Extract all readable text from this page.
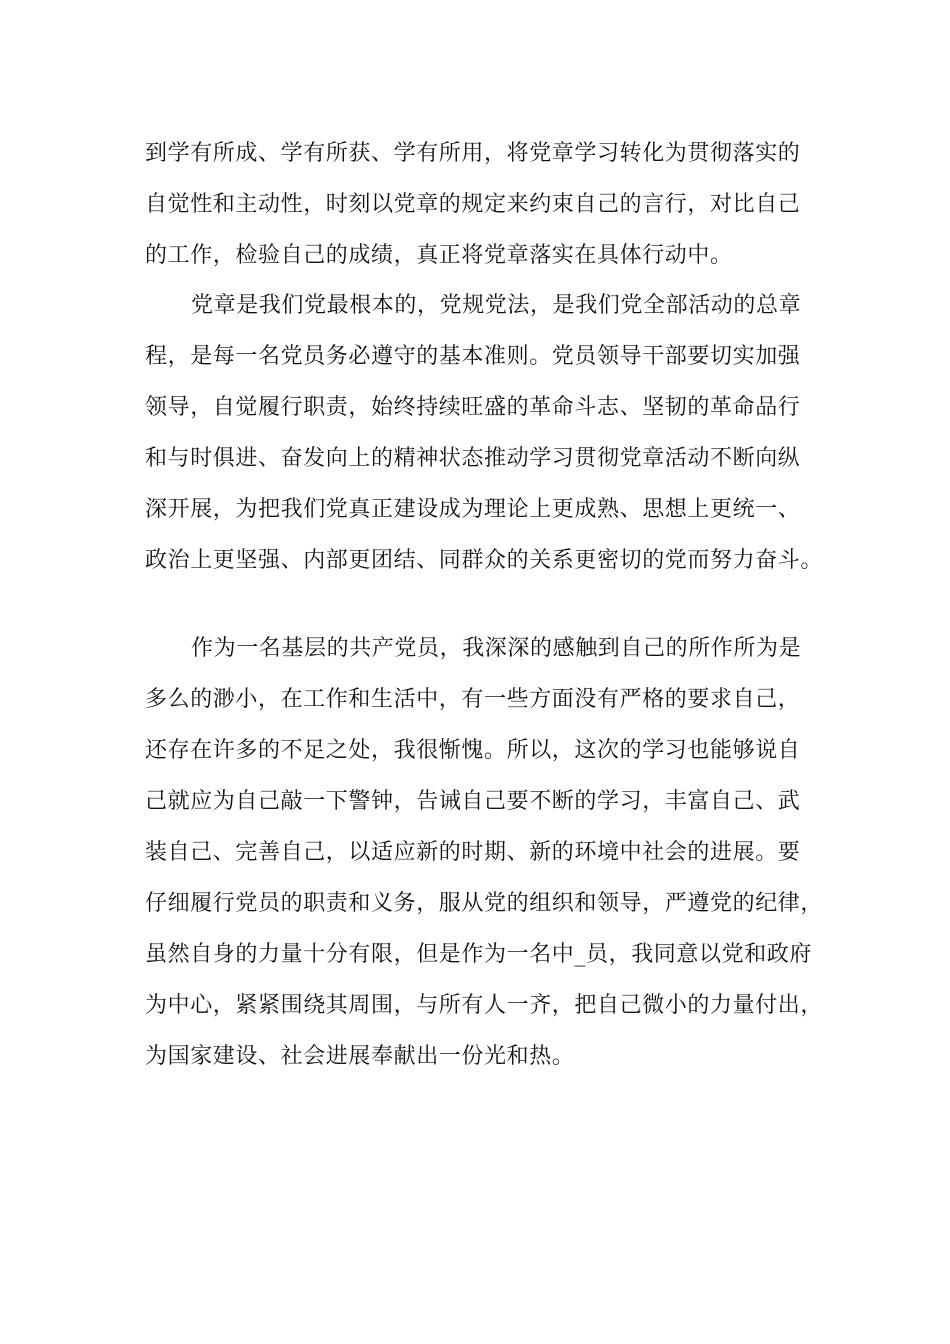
到学有所成、学有所获、学有所用，将党章学习转化为贯彻落实的
自觉性和主动性，时刻以党章的规定来约束自己的言行，对比自己
的工作，检验自己的成绩，真正将党章落实在具体行动中。
党章是我们党最根本的，党规党法，是我们党全部活动的总章
程，是每一名党员务必遵守的基本准则。党员领导干部要切实加强
领导，自觉履行职责，始终持续旺盛的革命斗志、坚韧的革命品行
和与时俱进、奋发向上的精神状态推动学习贯彻党章活动不断向纵
深开展，为把我们党真正建设成为理论上更成熟、思想上更统一、
政治上更坚强、内部更团结、同群众的关系更密切的党而努力奋斗。
作为一名基层的共产党员，我深深的感触到自己的所作所为是
多么的渺小，在工作和生活中，有一些方面没有严格的要求自己，
还存在许多的不足之处，我很惭愧。所以，这次的学习也能够说自
己就应为自己敲一下警钟，告诫自己要不断的学习，丰富自己、武
装自己、完善自己，以适应新的时期、新的环境中社会的进展。要
仔细履行党员的职责和义务，服从党的组织和领导，严遵党的纪律，
虽然自身的力量十分有限，但是作为一名中_员，我同意以党和政府
为中心，紧紧围绕其周围，与所有人一齐，把自己微小的力量付出，
为国家建设、社会进展奉献出一份光和热。
